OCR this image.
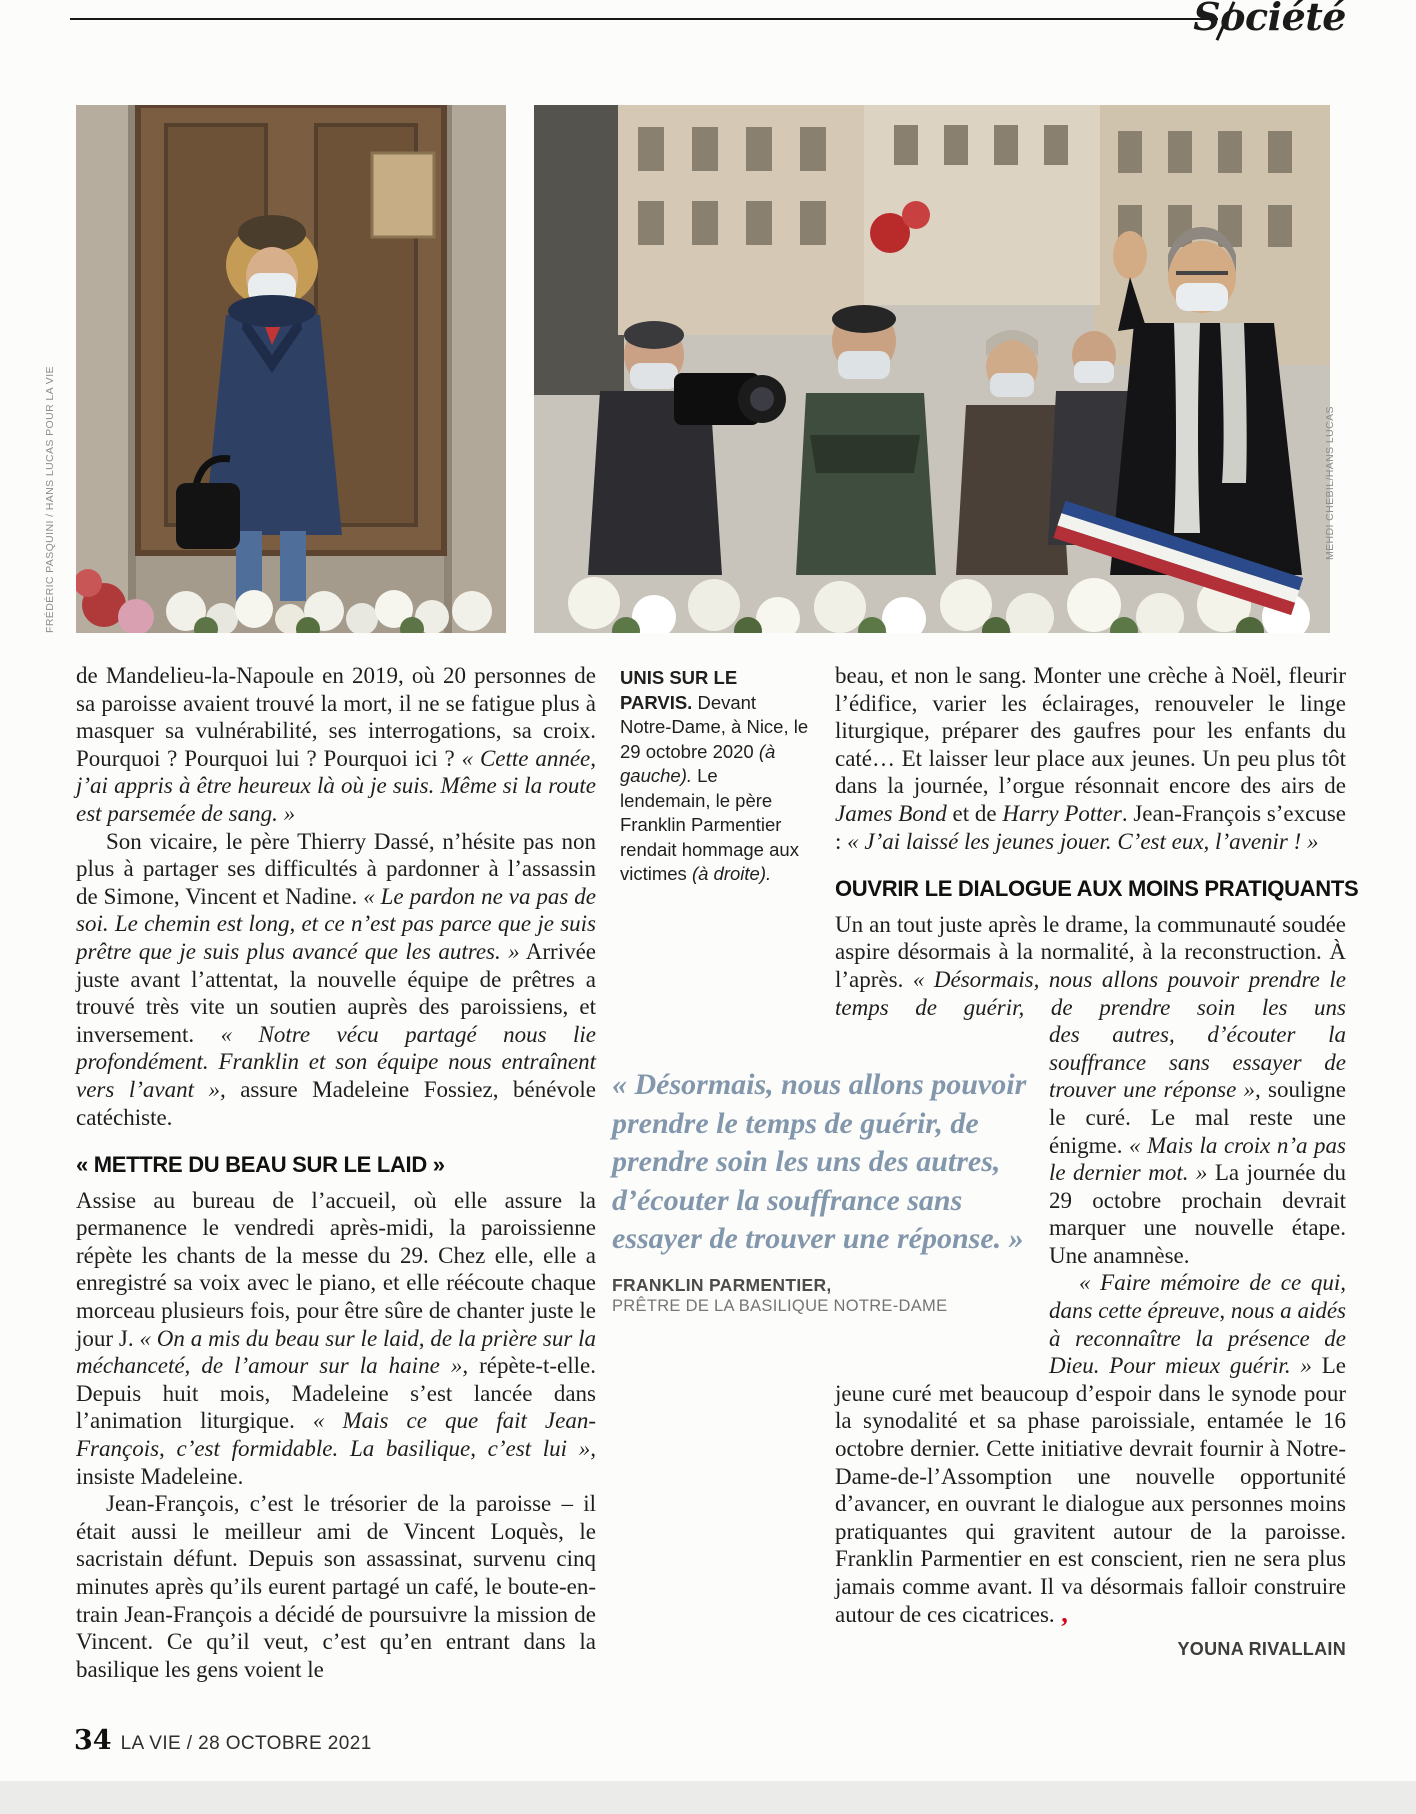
Société
FRÉDÉRIC PASQUINI / HANS LUCAS POUR LA VIE	MEHDI CHEBIL/HANS LUCAS

de Mandelieu-la-Napoule en 2019, où 20 personnes de sa paroisse avaient trouvé la mort, il ne se fatigue plus à masquer sa vulnérabilité, ses interrogations, sa croix. Pourquoi ? Pourquoi lui ? Pourquoi ici ? « Cette année, j’ai appris à être heureux là où je suis. Même si la route est parsemée de sang. »

Son vicaire, le père Thierry Dassé, n’hésite pas non plus à partager ses difficultés à pardonner à l’assassin de Simone, Vincent et Nadine. « Le pardon ne va pas de soi. Le chemin est long, et ce n’est pas parce que je suis prêtre que je suis plus avancé que les autres. » Arrivée juste avant l’attentat, la nouvelle équipe de prêtres a trouvé très vite un soutien auprès des paroissiens, et inversement. « Notre vécu partagé nous lie profondément. Franklin et son équipe nous entraînent vers l’avant », assure Madeleine Fossiez, bénévole catéchiste.

« METTRE DU BEAU SUR LE LAID »

Assise au bureau de l’accueil, où elle assure la permanence le vendredi après-midi, la paroissienne répète les chants de la messe du 29. Chez elle, elle a enregistré sa voix avec le piano, et elle réécoute chaque morceau plusieurs fois, pour être sûre de chanter juste le jour J. « On a mis du beau sur le laid, de la prière sur la méchanceté, de l’amour sur la haine », répète-t-elle. Depuis huit mois, Madeleine s’est lancée dans l’animation liturgique. « Mais ce que fait Jean-François, c’est formidable. La basilique, c’est lui », insiste Madeleine.

Jean-François, c’est le trésorier de la paroisse – il était aussi le meilleur ami de Vincent Loquès, le sacristain défunt. Depuis son assassinat, survenu cinq minutes après qu’ils eurent partagé un café, le boute-en-train Jean-François a décidé de poursuivre la mission de Vincent. Ce qu’il veut, c’est qu’en entrant dans la basilique les gens voient le

UNIS SUR LE PARVIS. Devant Notre-Dame, à Nice, le 29 octobre 2020 (à gauche). Le lendemain, le père Franklin Parmentier rendait hommage aux victimes (à droite).
« Désormais, nous allons pouvoir prendre le temps de guérir, de prendre soin les uns des autres, d’écouter la souffrance sans essayer de trouver une réponse. »
FRANKLIN PARMENTIER,
PRÊTRE DE LA BASILIQUE NOTRE-DAME

beau, et non le sang. Monter une crèche à Noël, fleurir l’édifice, varier les éclairages, renouveler le linge liturgique, préparer des gaufres pour les enfants du caté… Et laisser leur place aux jeunes. Un peu plus tôt dans la journée, l’orgue résonnait encore des airs de James Bond et de Harry Potter. Jean-François s’excuse : « J’ai laissé les jeunes jouer. C’est eux, l’avenir ! »

OUVRIR LE DIALOGUE AUX MOINS PRATIQUANTS

Un an tout juste après le drame, la communauté soudée aspire désormais à la normalité, à la reconstruction. À l’après. « Désormais, nous allons pouvoir prendre le temps de guérir, de prendre soin les uns

des autres, d’écouter la souffrance sans essayer de trouver une réponse », souligne le curé. Le mal reste une énigme. « Mais la croix n’a pas le dernier mot. » La journée du 29 octobre prochain devrait marquer une nouvelle étape. Une anamnèse.

« Faire mémoire de ce qui, dans cette épreuve, nous a aidés à reconnaître la présence de Dieu. Pour mieux guérir. » Le jeune curé met beaucoup d’espoir dans le synode pour la synodalité et sa phase paroissiale, entamée le 16 octobre dernier. Cette initiative devrait fournir à Notre-Dame-de-l’Assomption une nouvelle opportunité d’avancer, en ouvrant le dialogue aux personnes moins pratiquantes qui gravitent autour de la paroisse. Franklin Parmentier en est conscient, rien ne sera plus jamais comme avant. Il va désormais falloir construire autour de ces cicatrices. ,

YOUNA RIVALLAIN
34 LA VIE / 28 OCTOBRE 2021
